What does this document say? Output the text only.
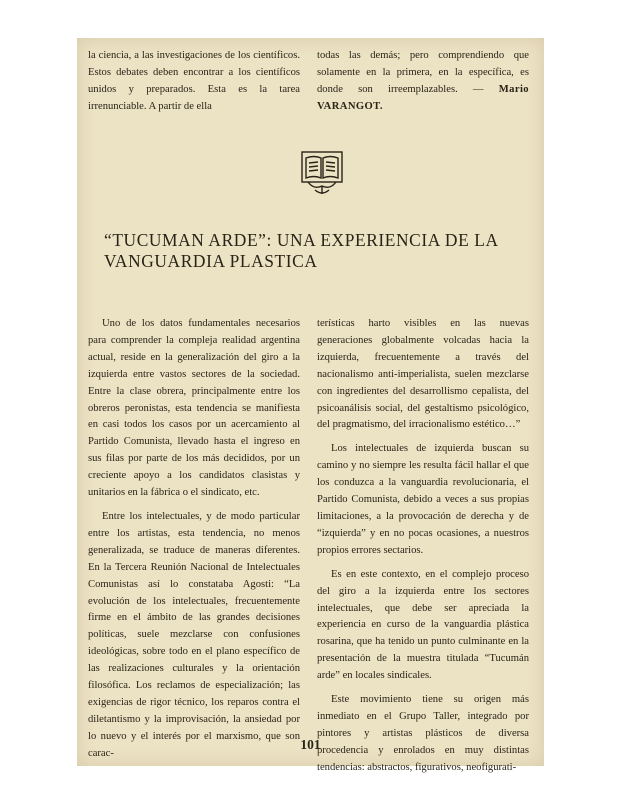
la ciencia, a las investigaciones de los científicos. Estos debates deben encontrar a los científicos unidos y preparados. Esta es la tarea irrenunciable. A partir de ella

todas las demás; pero comprendiendo que solamente en la primera, en la específica, es donde son irreemplazables. — Mario VARANGOT.

“TUCUMAN ARDE”: UNA EXPERIENCIA DE LA VANGUARDIA PLASTICA

Uno de los datos fundamentales necesarios para comprender la compleja realidad argentina actual, reside en la generalización del giro a la izquierda entre vastos sectores de la sociedad. Entre la clase obrera, principalmente entre los obreros peronistas, esta tendencia se manifiesta en casi todos los casos por un acercamiento al Partido Comunista, llevado hasta el ingreso en sus filas por parte de los más decididos, por un creciente apoyo a los candidatos clasistas y unitarios en la fábrica o el sindicato, etc.

Entre los intelectuales, y de modo particular entre los artistas, esta tendencia, no menos generalizada, se traduce de maneras diferentes. En la Tercera Reunión Nacional de Intelectuales Comunistas así lo constataba Agosti: “La evolución de los intelectuales, frecuentemente firme en el ámbito de las grandes decisiones políticas, suele mezclarse con confusiones ideológicas, sobre todo en el plano específico de las realizaciones culturales y la orientación filosófica. Los reclamos de especialización; las exigencias de rigor técnico, los reparos contra el diletantismo y la improvisación, la ansiedad por lo nuevo y el interés por el marxismo, que son carac-

terísticas harto visibles en las nuevas generaciones globalmente volcadas hacia la izquierda, frecuentemente a través del nacionalismo anti-imperialista, suelen mezclarse con ingredientes del desarrollismo cepalista, del psicoanálisis social, del gestaltismo psicológico, del pragmatismo, del irracionalismo estético…”

Los intelectuales de izquierda buscan su camino y no siempre les resulta fácil hallar el que los conduzca a la vanguardia revolucionaria, el Partido Comunista, debido a veces a sus propias limitaciones, a la provocación de derecha y de “izquierda” y en no pocas ocasiones, a nuestros propios errores sectarios.

Es en este contexto, en el complejo proceso del giro a la izquierda entre los sectores intelectuales, que debe ser apreciada la experiencia en curso de la vanguardia plástica rosarina, que ha tenido un punto culminante en la presentación de la muestra titulada “Tucumán arde” en locales sindicales.

Este movimiento tiene su origen más inmediato en el Grupo Taller, integrado por pintores y artistas plásticos de diversa procedencia y enrolados en muy distintas tendencias: abstractos, figurativos, neofigurati-

101
